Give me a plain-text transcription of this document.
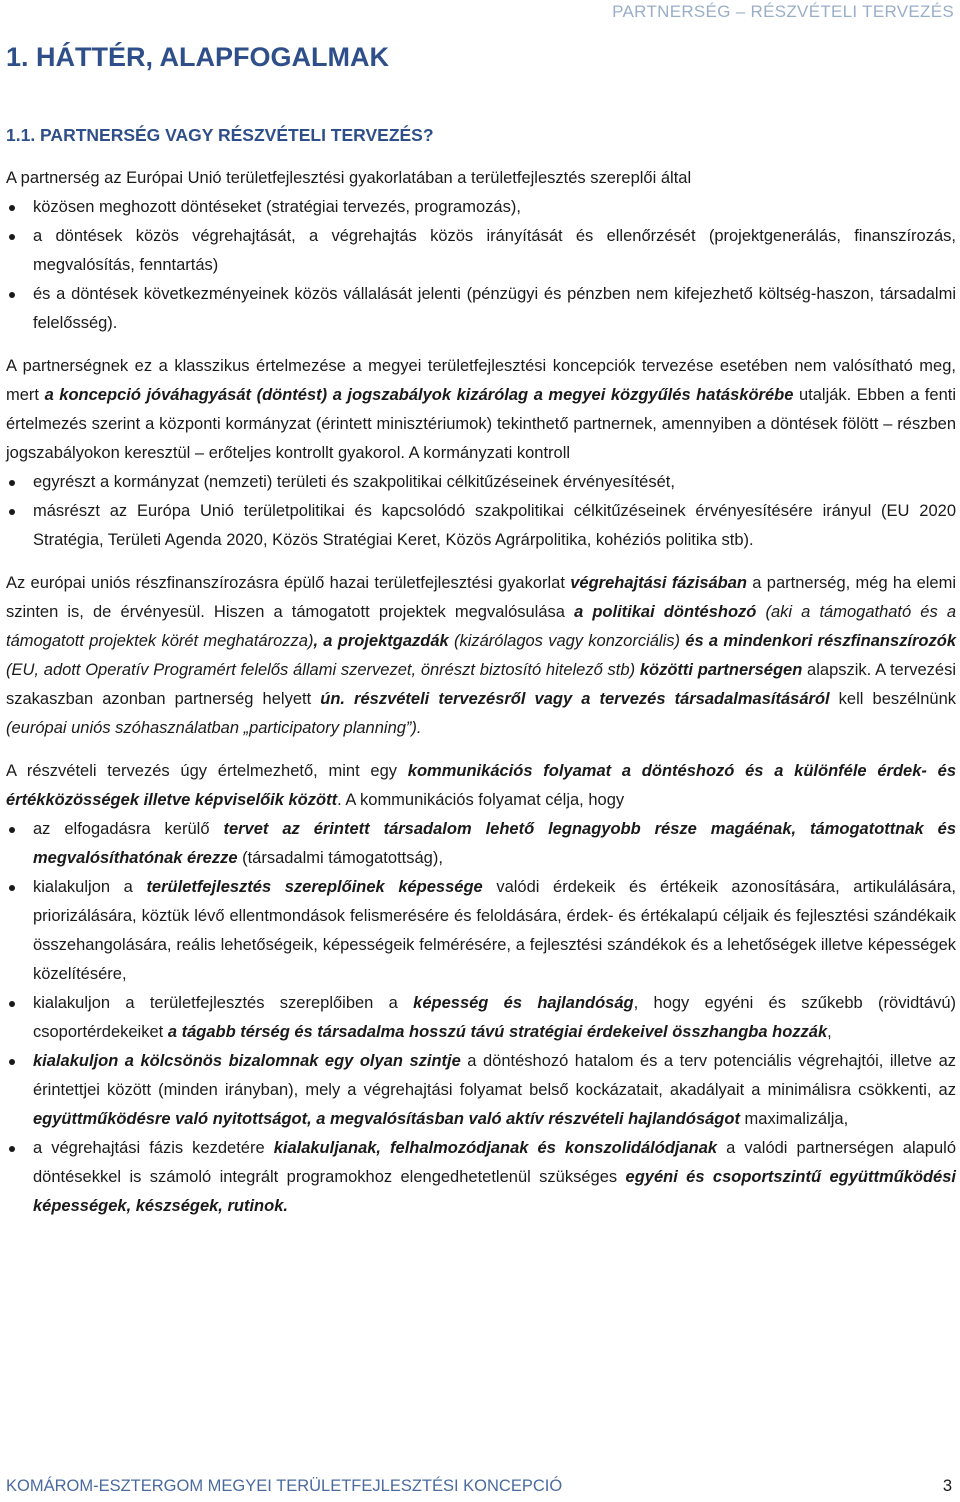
PARTNERSÉG – RÉSZVÉTELI TERVEZÉS
1. HÁTTÉR, ALAPFOGALMAK
1.1. PARTNERSÉG VAGY RÉSZVÉTELI TERVEZÉS?

A partnerség az Európai Unió területfejlesztési gyakorlatában a területfejlesztés szereplői által

közösen meghozott döntéseket (stratégiai tervezés, programozás),
a döntések közös végrehajtását, a végrehajtás közös irányítását és ellenőrzését (projektgenerálás, finanszírozás, megvalósítás, fenntartás)
és a döntések következményeinek közös vállalását jelenti (pénzügyi és pénzben nem kifejezhető költség-haszon, társadalmi felelősség).

A partnerségnek ez a klasszikus értelmezése a megyei területfejlesztési koncepciók tervezése esetében nem valósítható meg, mert a koncepció jóváhagyását (döntést) a jogszabályok kizárólag a megyei közgyűlés hatáskörébe utalják. Ebben a fenti értelmezés szerint a központi kormányzat (érintett minisztériumok) tekinthető partnernek, amennyiben a döntések fölött – részben jogszabályokon keresztül – erőteljes kontrollt gyakorol. A kormányzati kontroll

egyrészt a kormányzat (nemzeti) területi és szakpolitikai célkitűzéseinek érvényesítését,
másrészt az Európa Unió területpolitikai és kapcsolódó szakpolitikai célkitűzéseinek érvényesítésére irányul (EU 2020 Stratégia, Területi Agenda 2020, Közös Stratégiai Keret, Közös Agrárpolitika, kohéziós politika stb).

Az európai uniós részfinanszírozásra épülő hazai területfejlesztési gyakorlat végrehajtási fázisában a partnerség, még ha elemi szinten is, de érvényesül. Hiszen a támogatott projektek megvalósulása a politikai döntéshozó (aki a támogatható és a támogatott projektek körét meghatározza), a projektgazdák (kizárólagos vagy konzorciális) és a mindenkori részfinanszírozók (EU, adott Operatív Programért felelős állami szervezet, önrészt biztosító hitelező stb) közötti partnerségen alapszik. A tervezési szakaszban azonban partnerség helyett ún. részvételi tervezésről vagy a tervezés társadalmasításáról kell beszélnünk (európai uniós szóhasználatban „participatory planning”).

A részvételi tervezés úgy értelmezhető, mint egy kommunikációs folyamat a döntéshozó és a különféle érdek- és értékközösségek illetve képviselőik között. A kommunikációs folyamat célja, hogy

az elfogadásra kerülő tervet az érintett társadalom lehető legnagyobb része magáénak, támogatottnak és megvalósíthatónak érezze (társadalmi támogatottság),
kialakuljon a területfejlesztés szereplőinek képessége valódi érdekeik és értékeik azonosítására, artikulálására, priorizálására, köztük lévő ellentmondások felismerésére és feloldására, érdek- és értékalapú céljaik és fejlesztési szándékaik összehangolására, reális lehetőségeik, képességeik felmérésére, a fejlesztési szándékok és a lehetőségek illetve képességek közelítésére,
kialakuljon a területfejlesztés szereplőiben a képesség és hajlandóság, hogy egyéni és szűkebb (rövidtávú) csoportérdekeiket a tágabb térség és társadalma hosszú távú stratégiai érdekeivel összhangba hozzák,
kialakuljon a kölcsönös bizalomnak egy olyan szintje a döntéshozó hatalom és a terv potenciális végrehajtói, illetve az érintettjei között (minden irányban), mely a végrehajtási folyamat belső kockázatait, akadályait a minimálisra csökkenti, az együttműködésre való nyitottságot, a megvalósításban való aktív részvételi hajlandóságot maximalizálja,
a végrehajtási fázis kezdetére kialakuljanak, felhalmozódjanak és konszolidálódjanak a valódi partnerségen alapuló döntésekkel is számoló integrált programokhoz elengedhetetlenül szükséges egyéni és csoportszintű együttműködési képességek, készségek, rutinok.
KOMÁROM-ESZTERGOM MEGYEI TERÜLETFEJLESZTÉSI KONCEPCIÓ	3
